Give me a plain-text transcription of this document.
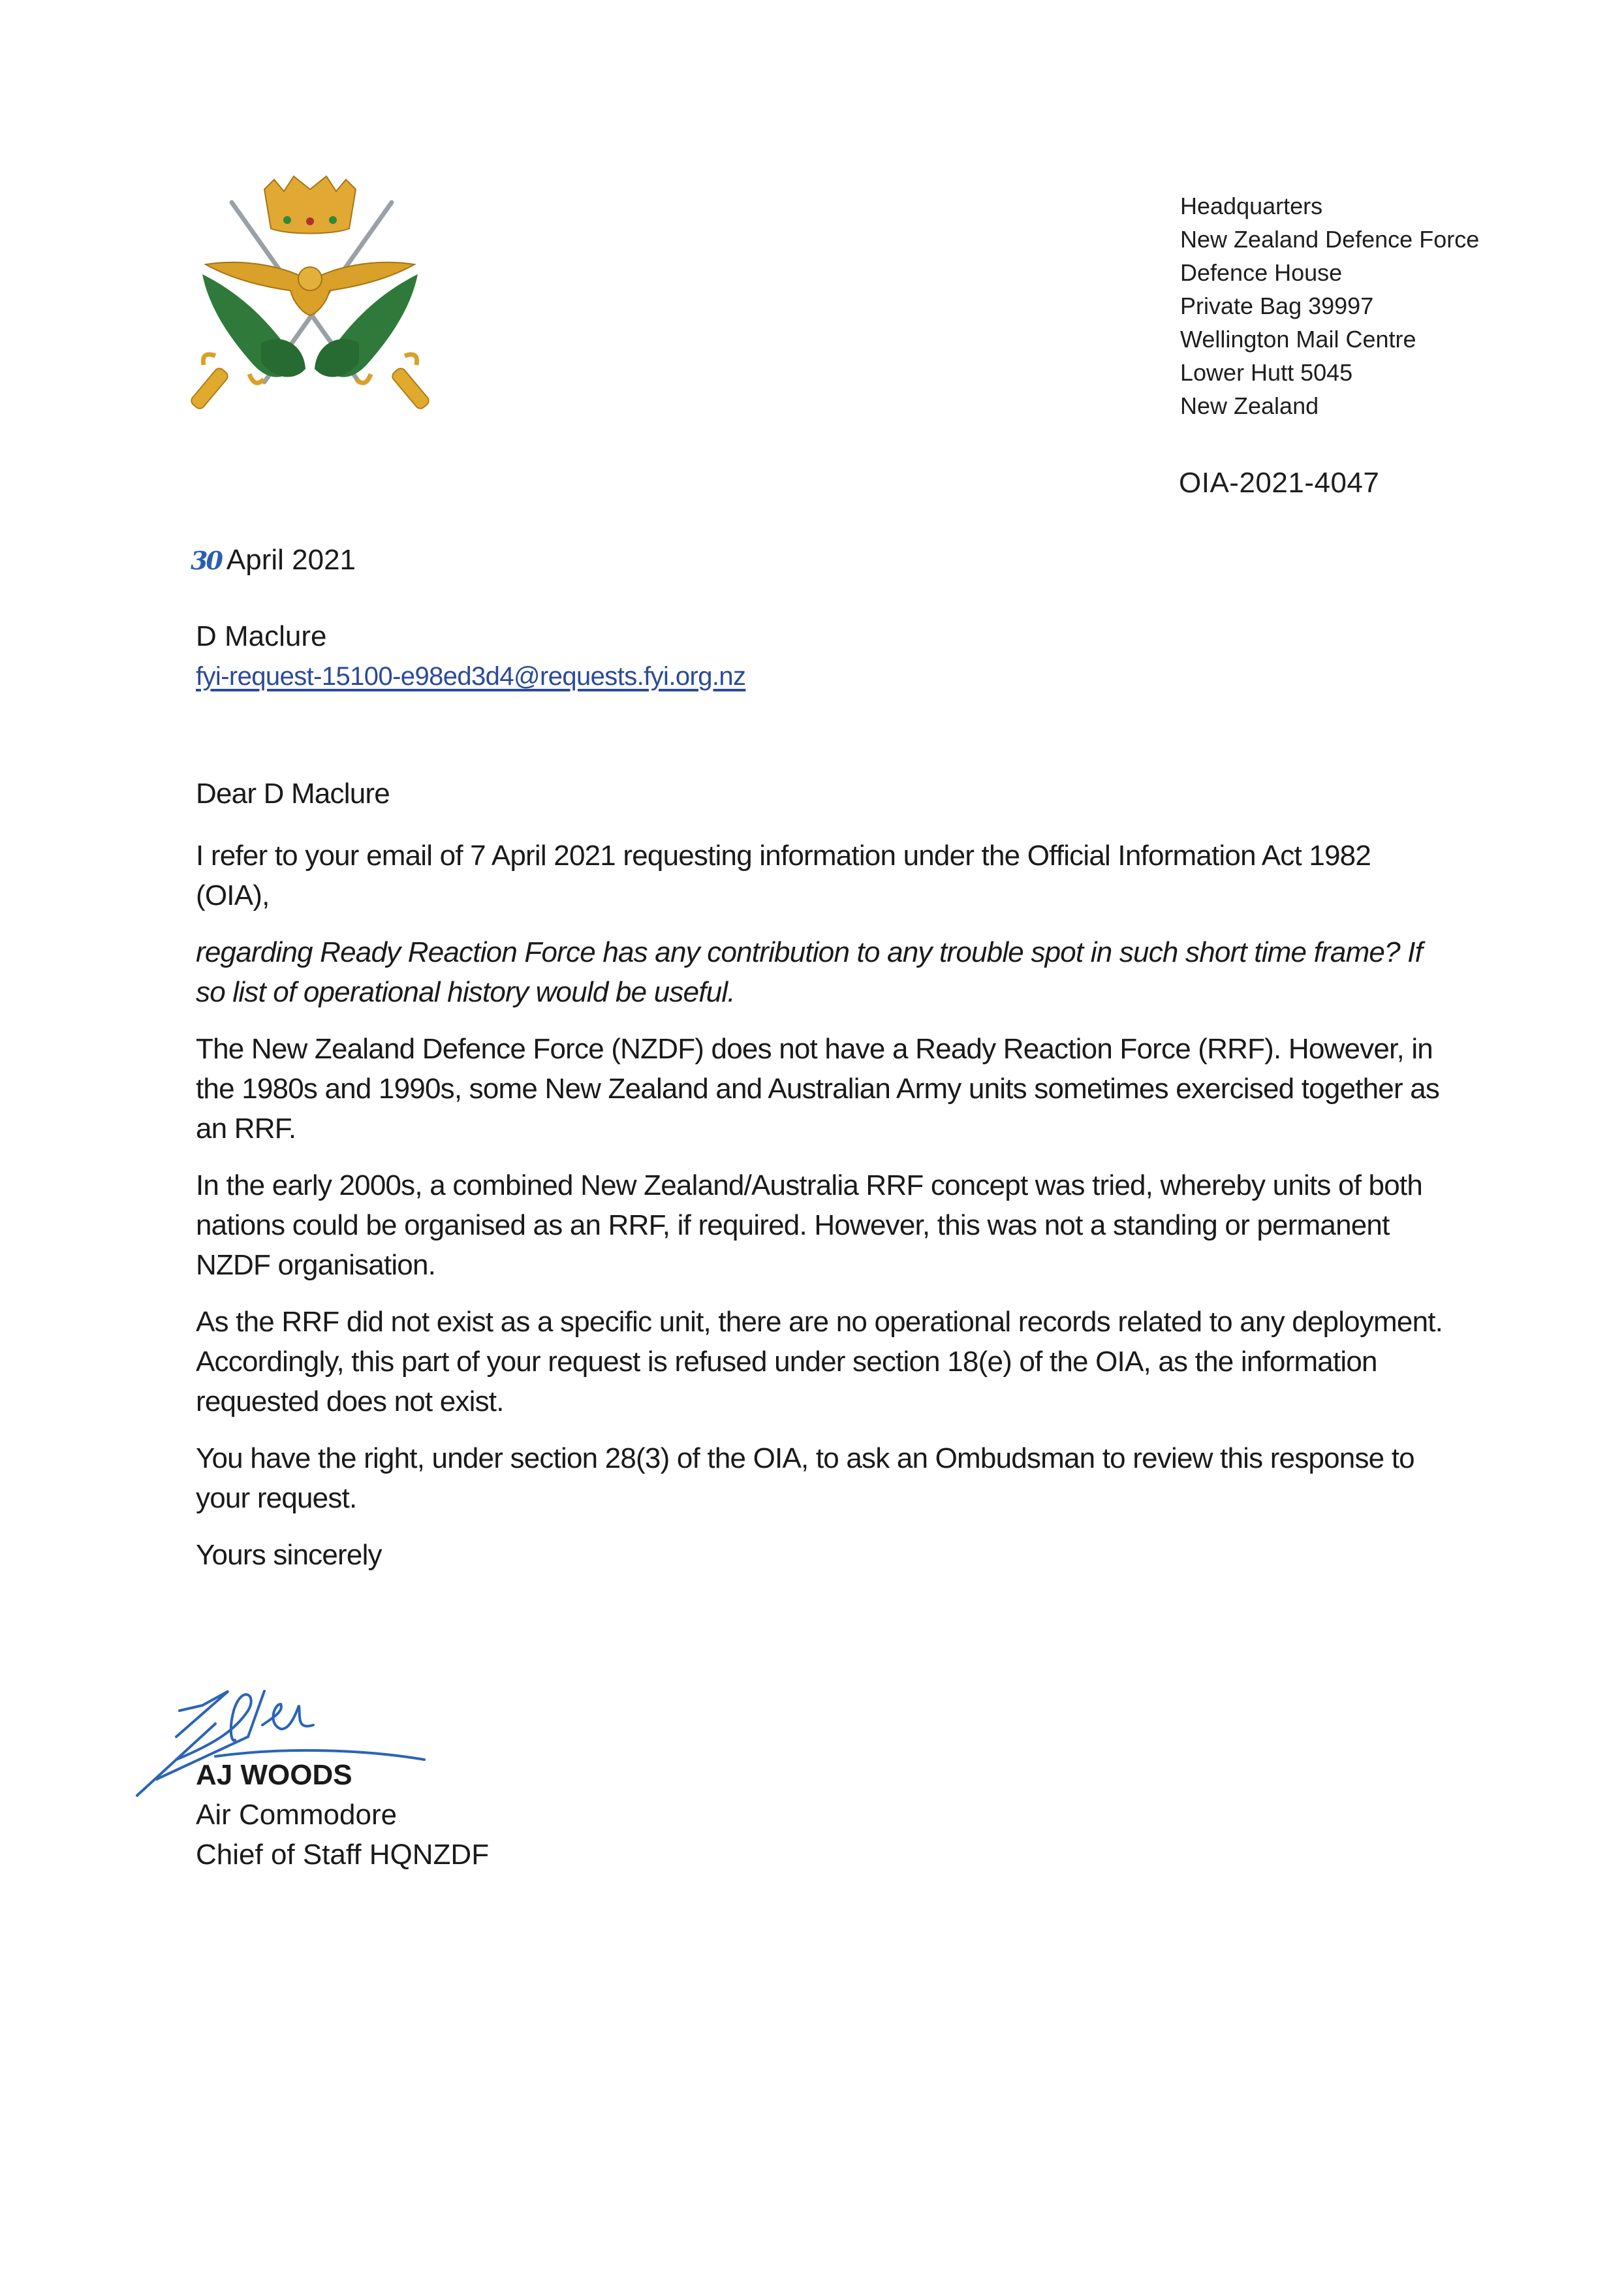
Headquarters
New Zealand Defence Force
Defence House
Private Bag 39997
Wellington Mail Centre
Lower Hutt 5045
New Zealand
OIA-2021-4047
30 April 2021
D Maclure
fyi-request-15100-e98ed3d4@requests.fyi.org.nz

Dear D Maclure

I refer to your email of 7 April 2021 requesting information under the Official Information Act 1982 (OIA),

regarding Ready Reaction Force has any contribution to any trouble spot in such short time frame? If so list of operational history would be useful.

The New Zealand Defence Force (NZDF) does not have a Ready Reaction Force (RRF). However, in the 1980s and 1990s, some New Zealand and Australian Army units sometimes exercised together as an RRF.

In the early 2000s, a combined New Zealand/Australia RRF concept was tried, whereby units of both nations could be organised as an RRF, if required. However, this was not a standing or permanent NZDF organisation.

As the RRF did not exist as a specific unit, there are no operational records related to any deployment. Accordingly, this part of your request is refused under section 18(e) of the OIA, as the information requested does not exist.

You have the right, under section 28(3) of the OIA, to ask an Ombudsman to review this response to your request.

Yours sincerely

AJ WOODS
Air Commodore
Chief of Staff HQNZDF
